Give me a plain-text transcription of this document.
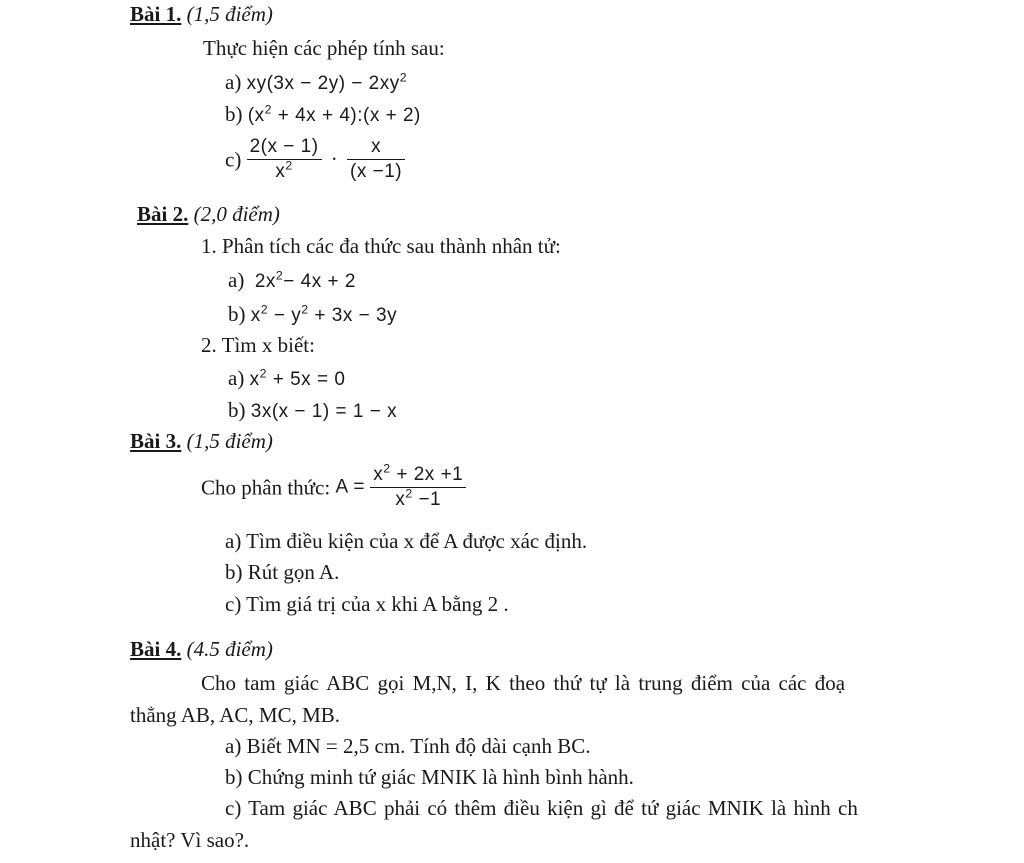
Bài 1. (1,5 điểm)
Thực hiện các phép tính sau:
a) $xy(3x - 2y) - 2xy^2$
b) ($x^2 + 4x$ + 4):(x + 2)
$c) \frac{2(x - 1)}{x^2} \cdot \frac{x}{(x -1)}$
Bài 2. (2,0 điểm)
1. Phân tích các đa thức sau thành nhân tử:
a) $2x^2- 4x + 2$
b) $x^2 - y^2 + 3x - 3y$
2. Tìm x biết:
a) $x^2 + 5x = 0$
b) 3x(x − 1) = 1 − x
Bài 3. (1,5 điểm)
Cho phân thức: $A = \frac{x^2 + 2x +1}{x^2 -1}$
a) Tìm điều kiện của x để A được xác định.
b) Rút gọn A.
c) Tìm giá trị của x khi A bằng 2 .
Bài 4. (4.5 điểm)
Cho tam giác ABC gọi M,N, I, K theo thứ tự là trung điểm của các đoạ
thẳng AB, AC, MC, MB.
a) Biết MN = 2,5 cm. Tính độ dài cạnh BC.
b) Chứng minh tứ giác MNIK là hình bình hành.
c) Tam giác ABC phải có thêm điều kiện gì để tứ giác MNIK là hình ch
nhật? Vì sao?.
